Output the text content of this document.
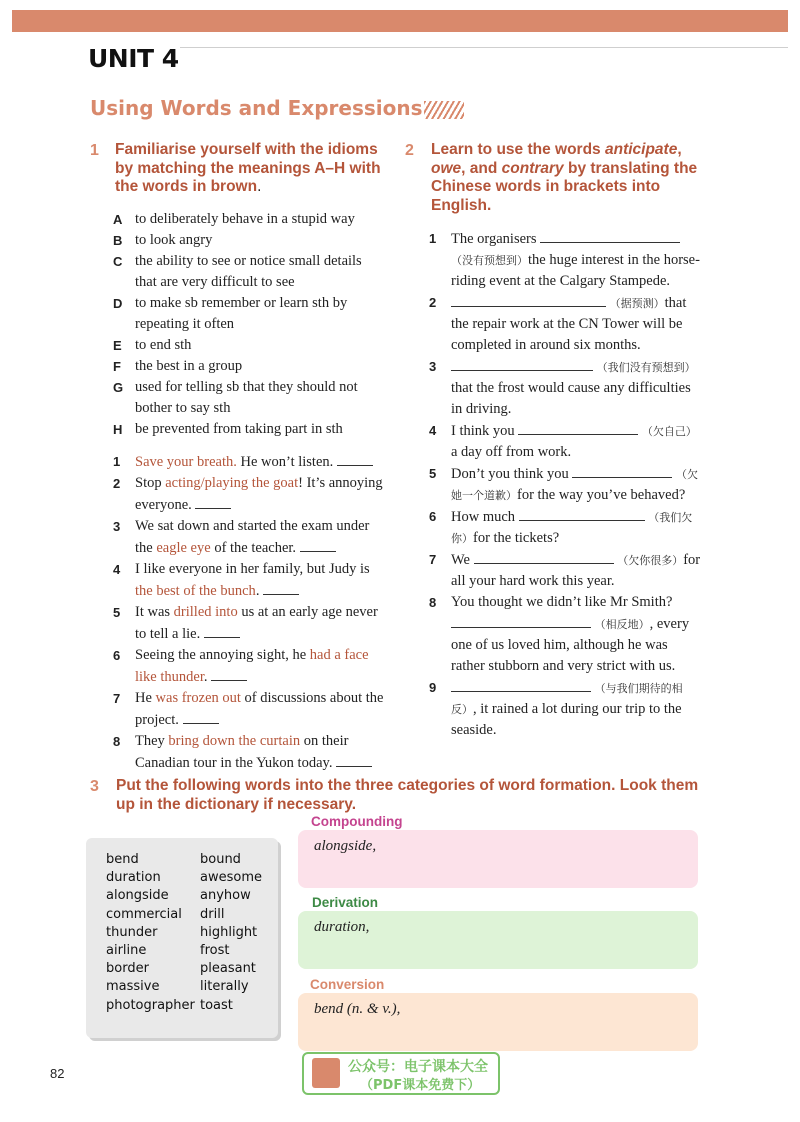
UNIT 4
Using Words and Expressions
1 Familiarise yourself with the idioms by matching the meanings A–H with the words in brown.
A to deliberately behave in a stupid way
B to look angry
C the ability to see or notice small details that are very difficult to see
D to make sb remember or learn sth by repeating it often
E to end sth
F the best in a group
G used for telling sb that they should not bother to say sth
H be prevented from taking part in sth
1 Save your breath. He won’t listen.
2 Stop acting/playing the goat! It’s annoying everyone.
3 We sat down and started the exam under the eagle eye of the teacher.
4 I like everyone in her family, but Judy is the best of the bunch.
5 It was drilled into us at an early age never to tell a lie.
6 Seeing the annoying sight, he had a face like thunder.
7 He was frozen out of discussions about the project.
8 They bring down the curtain on their Canadian tour in the Yukon today.
2 Learn to use the words anticipate, owe, and contrary by translating the Chinese words in brackets into English.
1 The organisers  （没有预想到）the huge interest in the horse-riding event at the Calgary Stampede.
2	（据预测）that the repair work at the CN Tower will be completed in around six months.
3	（我们没有预想到）that the frost would cause any difficulties in driving.
4 I think you	（欠自己）a day off from work.
5 Don’t you think you	（欠她一个道歉）for the way you’ve behaved?
6 How much	（我们欠你）for the tickets?
7 We	（欠你很多）for all your hard work this year.
8 You thought we didn’t like Mr Smith?  （相反地）, every one of us loved him, although he was rather stubborn and very strict with us.
9	（与我们期待的相反）, it rained a lot during our trip to the seaside.
3 Put the following words into the three categories of word formation. Look them up in the dictionary if necessary.
bend
duration
alongside
commercial
thunder
airline
border
massive
photographer
bound
awesome
anyhow
drill
highlight
frost
pleasant
literally
toast
Compounding
alongside,
Derivation
duration,
Conversion
bend (n. & v.),
82	公众号：电子课本大全
（PDF课本免费下）
